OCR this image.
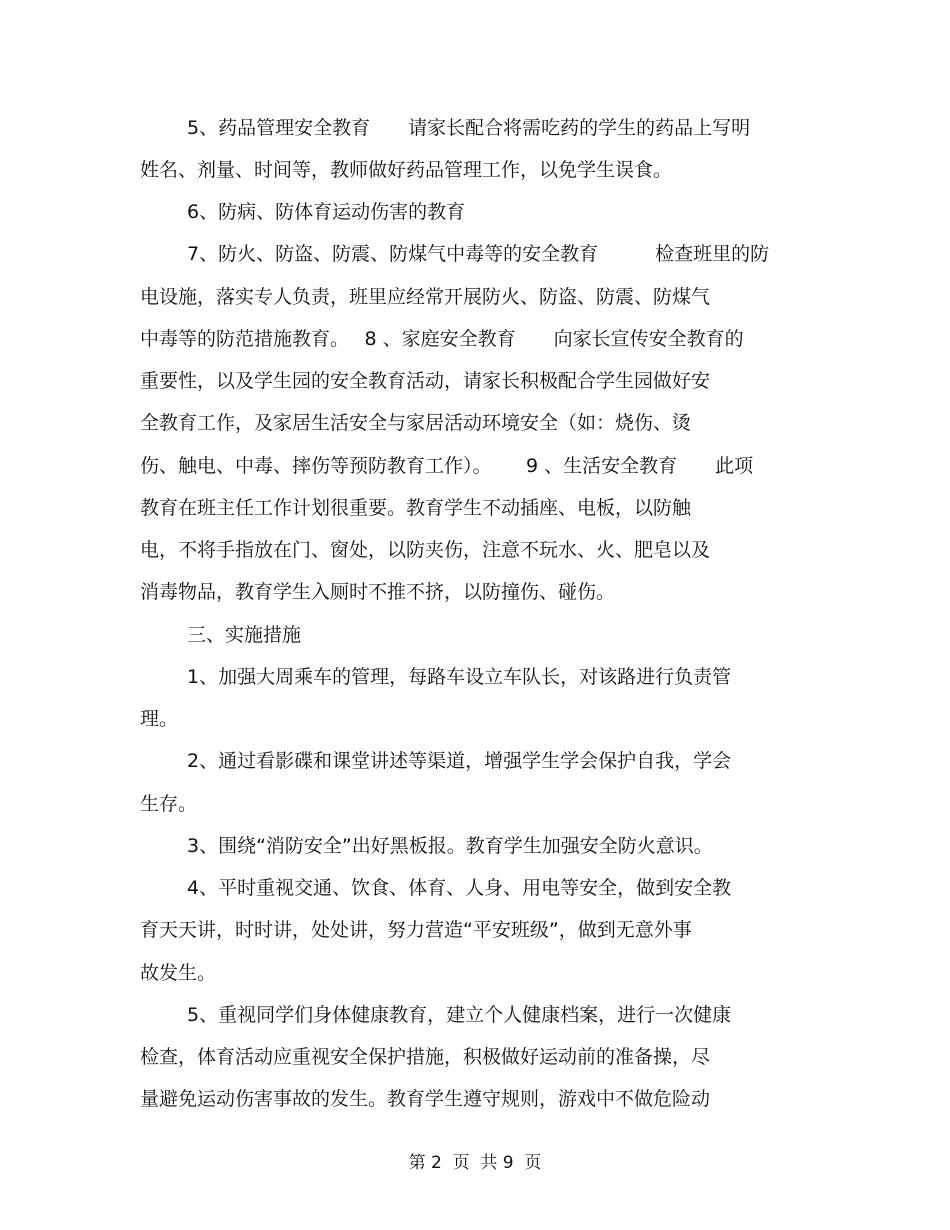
5、药品管理安全教育　　请家长配合将需吃药的学生的药品上写明
姓名、剂量、时间等，教师做好药品管理工作，以免学生误食。
6、防病、防体育运动伤害的教育
7、防火、防盗、防震、防煤气中毒等的安全教育　　　检查班里的防
电设施，落实专人负责，班里应经常开展防火、防盗、防震、防煤气
中毒等的防范措施教育。　 8 、家庭安全教育　　向家长宣传安全教育的
重要性，以及学生园的安全教育活动，请家长积极配合学生园做好安
全教育工作，及家居生活安全与家居活动环境安全（如：烧伤、烫
伤、触电、中毒、摔伤等预防教育工作）。　　 9 、生活安全教育　　此项
教育在班主任工作计划很重要。教育学生不动插座、电板，以防触
电，不将手指放在门、窗处，以防夹伤，注意不玩水、火、肥皂以及
消毒物品，教育学生入厕时不推不挤，以防撞伤、碰伤。
三、实施措施
1、加强大周乘车的管理，每路车设立车队长，对该路进行负责管
理。
2、通过看影碟和课堂讲述等渠道，增强学生学会保护自我，学会
生存。
3、围绕“消防安全”出好黑板报。教育学生加强安全防火意识。
4、平时重视交通、饮食、体育、人身、用电等安全，做到安全教
育天天讲，时时讲，处处讲，努力营造“平安班级”，做到无意外事
故发生。
5、重视同学们身体健康教育，建立个人健康档案，进行一次健康
检查，体育活动应重视安全保护措施，积极做好运动前的准备操，尽
量避免运动伤害事故的发生。教育学生遵守规则，游戏中不做危险动
第 2  页  共 9  页
